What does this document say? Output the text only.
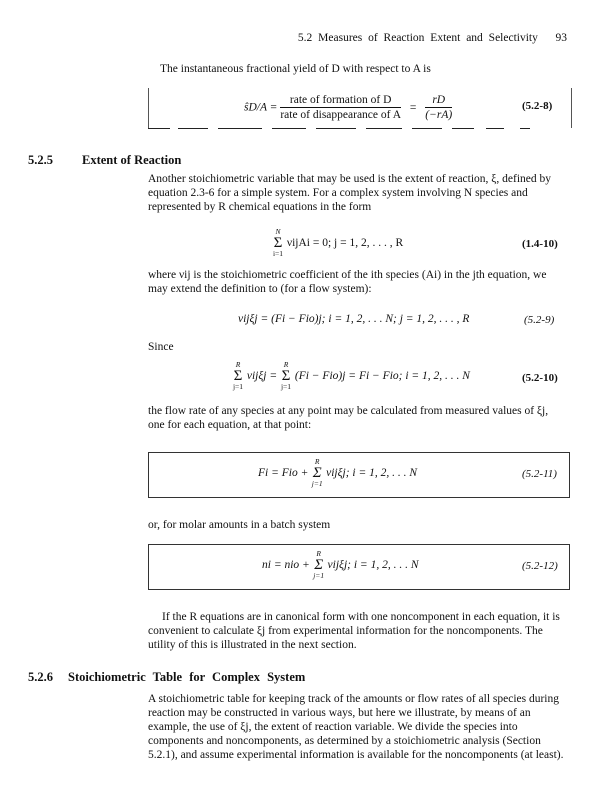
5.2 Measures of Reaction Extent and Selectivity 93
The instantaneous fractional yield of D with respect to A is
ŝD/A = $\frac{\text{rate of formation of D}}{\text{rate of disappearance of A}} = \frac{rD}{(-rA)}$	(5.2-8)
5.2.5 Extent of Reaction
Another stoichiometric variable that may be used is the extent of reaction, ξ, defined by equation 2.3-6 for a simple system. For a complex system involving N species and represented by R chemical equations in the form
N
Σ
i=1
νijAi = 0; j = 1, 2, . . . , R	(1.4-10)
where νij is the stoichiometric coefficient of the ith species (Ai) in the jth equation, we may extend the definition to (for a flow system):
νijξj = (Fi − Fio)j; i = 1, 2, . . . N; j = 1, 2, . . . , R	(5.2-9)
Since
R
Σ
j=1
νijξj =
R
Σ
j=1
(Fi − Fio)j = Fi − Fio; i = 1, 2, . . . N	(5.2-10)
the flow rate of any species at any point may be calculated from measured values of ξj, one for each equation, at that point:
Fi = Fio +
R
Σ
j=1
νijξj; i = 1, 2, . . . N	(5.2-11)
or, for molar amounts in a batch system
ni = nio +
R
Σ
j=1
νijξj; i = 1, 2, . . . N	(5.2-12)
If the R equations are in canonical form with one noncomponent in each equation, it is convenient to calculate ξj from experimental information for the noncomponents. The utility of this is illustrated in the next section.
5.2.6 Stoichiometric Table for Complex System
A stoichiometric table for keeping track of the amounts or flow rates of all species during reaction may be constructed in various ways, but here we illustrate, by means of an example, the use of ξj, the extent of reaction variable. We divide the species into components and noncomponents, as determined by a stoichiometric analysis (Section 5.2.1), and assume experimental information is available for the noncomponents (at least).
